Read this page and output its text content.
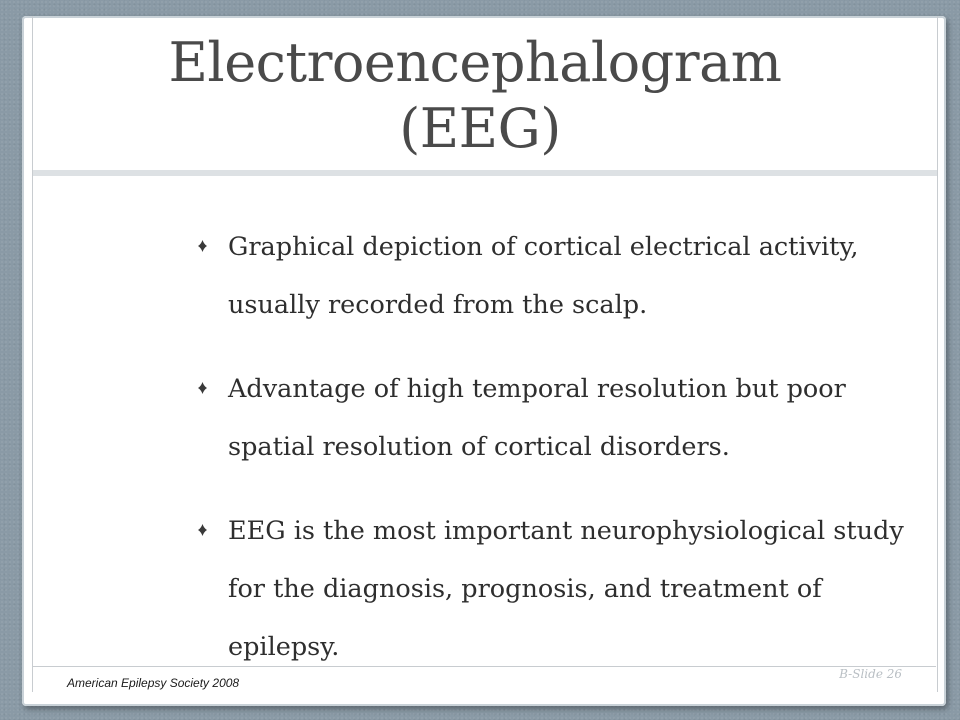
Electroencephalogram
(EEG)
Graphical depiction of cortical electrical activity, usually recorded from the scalp.
Advantage of high temporal resolution but poor spatial resolution of cortical disorders.
EEG is the most important neurophysiological study for the diagnosis, prognosis, and treatment of epilepsy.
American Epilepsy Society 2008
B-Slide 26
